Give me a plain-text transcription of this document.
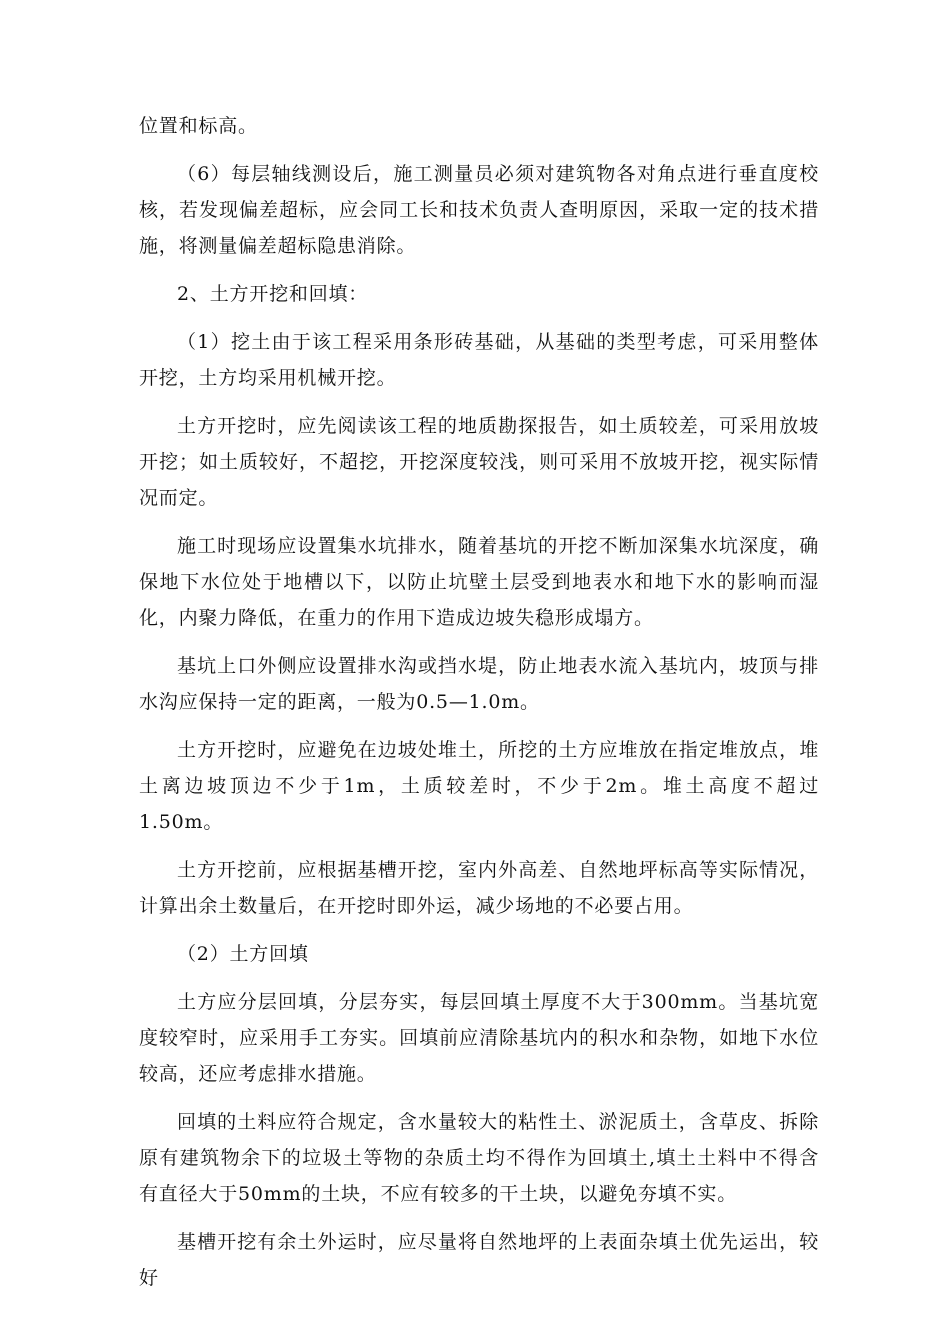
位置和标高。

（6）每层轴线测设后，施工测量员必须对建筑物各对角点进行垂直度校核，若发现偏差超标，应会同工长和技术负责人查明原因，采取一定的技术措施，将测量偏差超标隐患消除。

2、土方开挖和回填：

（1）挖土由于该工程采用条形砖基础，从基础的类型考虑，可采用整体开挖，土方均采用机械开挖。

土方开挖时，应先阅读该工程的地质勘探报告，如土质较差，可采用放坡开挖；如土质较好，不超挖，开挖深度较浅，则可采用不放坡开挖，视实际情况而定。

施工时现场应设置集水坑排水，随着基坑的开挖不断加深集水坑深度，确保地下水位处于地槽以下，以防止坑壁土层受到地表水和地下水的影响而湿化，内聚力降低，在重力的作用下造成边坡失稳形成塌方。

基坑上口外侧应设置排水沟或挡水堤，防止地表水流入基坑内，坡顶与排水沟应保持一定的距离，一般为0.5—1.0m。

土方开挖时，应避免在边坡处堆土，所挖的土方应堆放在指定堆放点，堆土离边坡顶边不少于1m，土质较差时，不少于2m。堆土高度不超过1.50m。

土方开挖前，应根据基槽开挖，室内外高差、自然地坪标高等实际情况，计算出余土数量后，在开挖时即外运，减少场地的不必要占用。

（2）土方回填

土方应分层回填，分层夯实，每层回填土厚度不大于300mm。当基坑宽度较窄时，应采用手工夯实。回填前应清除基坑内的积水和杂物，如地下水位较高，还应考虑排水措施。

回填的土料应符合规定，含水量较大的粘性土、淤泥质土，含草皮、拆除原有建筑物余下的垃圾土等物的杂质土均不得作为回填土,填土土料中不得含有直径大于50mm的土块，不应有较多的干土块，以避免夯填不实。

基槽开挖有余土外运时，应尽量将自然地坪的上表面杂填土优先运出，较好
